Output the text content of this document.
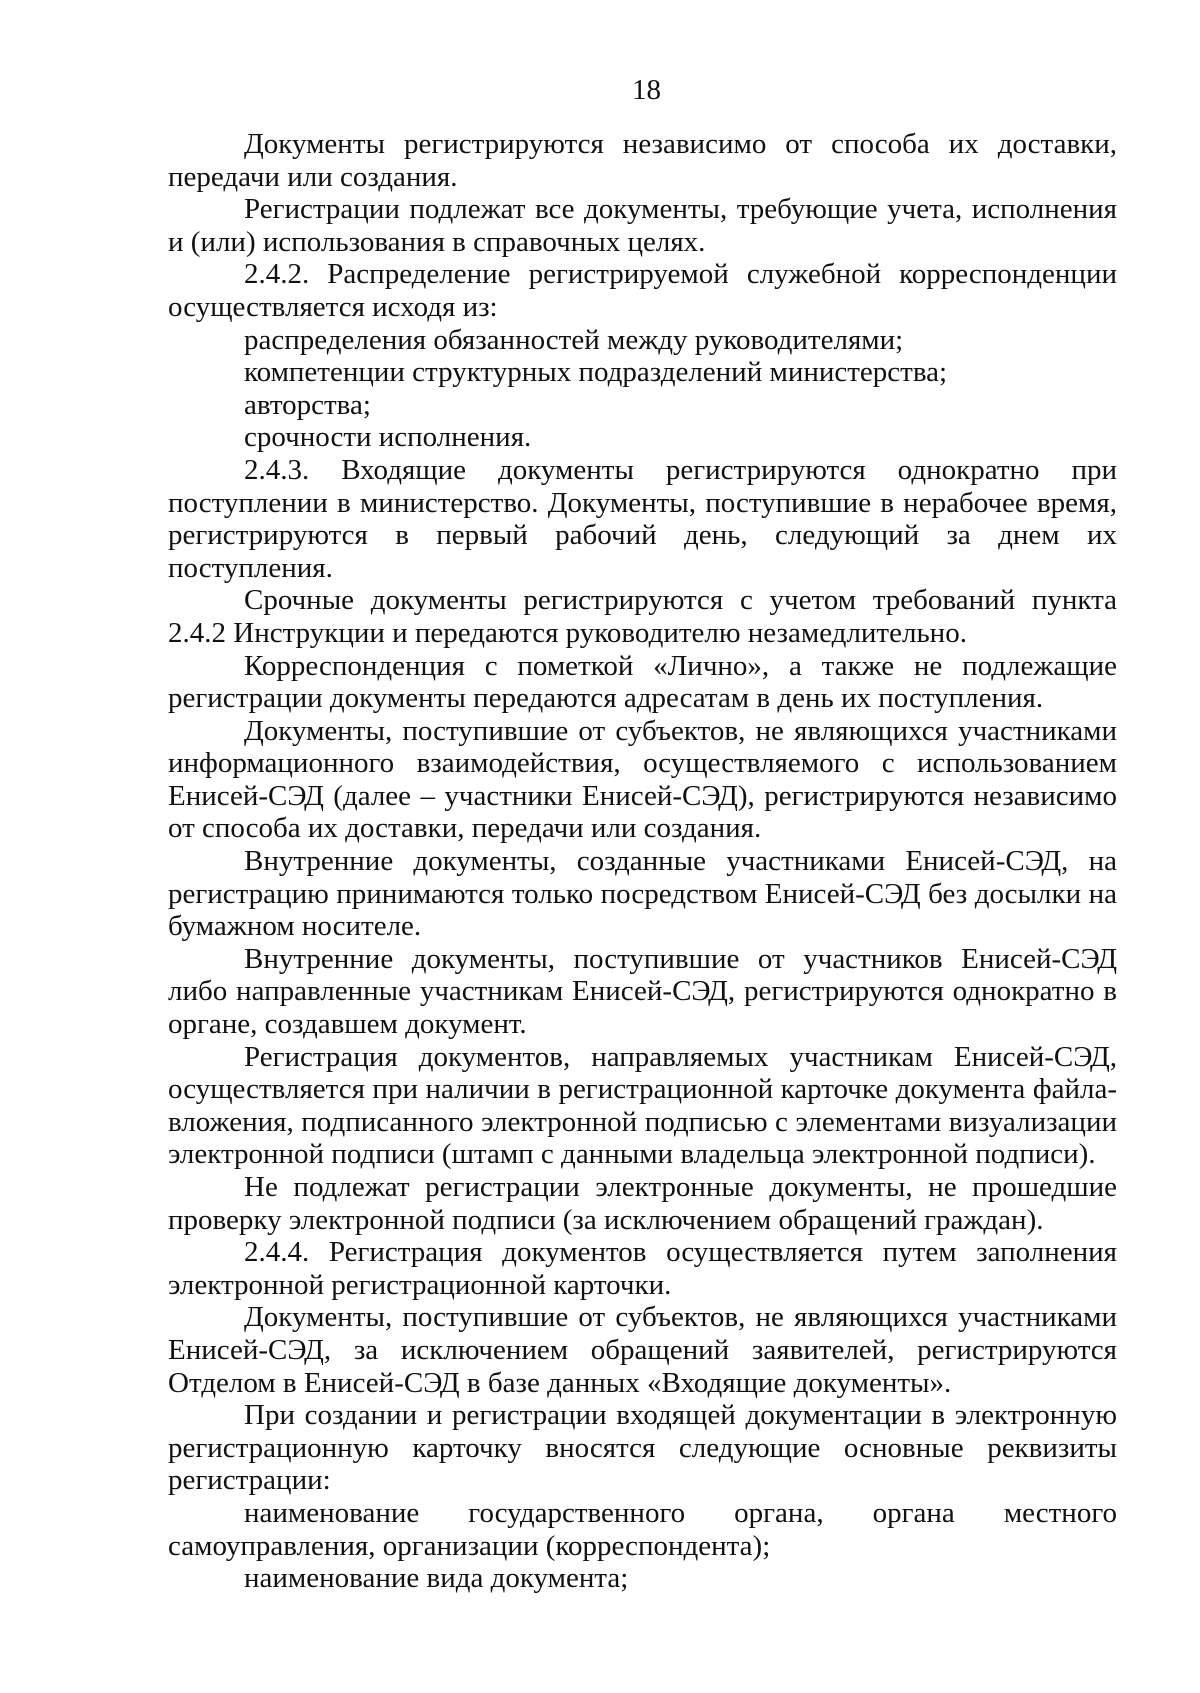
18

Документы регистрируются независимо от способа их доставки, передачи или создания.

Регистрации подлежат все документы, требующие учета, исполнения и (или) использования в справочных целях.

2.4.2. Распределение регистрируемой служебной корреспонденции осуществляется исходя из:

распределения обязанностей между руководителями;

компетенции структурных подразделений министерства;

авторства;

срочности исполнения.

2.4.3. Входящие документы регистрируются однократно при поступлении в министерство. Документы, поступившие в нерабочее время, регистрируются в первый рабочий день, следующий за днем их поступления.

Срочные документы регистрируются с учетом требований пункта 2.4.2 Инструкции и передаются руководителю незамедлительно.

Корреспонденция с пометкой «Лично», а также не подлежащие регистрации документы передаются адресатам в день их поступления.

Документы, поступившие от субъектов, не являющихся участниками информационного взаимодействия, осуществляемого с использованием Енисей-СЭД (далее – участники Енисей-СЭД), регистрируются независимо от способа их доставки, передачи или создания.

Внутренние документы, созданные участниками Енисей-СЭД, на регистрацию принимаются только посредством Енисей-СЭД без досылки на бумажном носителе.

Внутренние документы, поступившие от участников Енисей-СЭД либо направленные участникам Енисей-СЭД, регистрируются однократно в органе, создавшем документ.

Регистрация документов, направляемых участникам Енисей-СЭД, осуществляется при наличии в регистрационной карточке документа файла-вложения, подписанного электронной подписью с элементами визуализации электронной подписи (штамп с данными владельца электронной подписи).

Не подлежат регистрации электронные документы, не прошедшие проверку электронной подписи (за исключением обращений граждан).

2.4.4. Регистрация документов осуществляется путем заполнения электронной регистрационной карточки.

Документы, поступившие от субъектов, не являющихся участниками Енисей-СЭД, за исключением обращений заявителей, регистрируются Отделом в Енисей-СЭД в базе данных «Входящие документы».

При создании и регистрации входящей документации в электронную регистрационную карточку вносятся следующие основные реквизиты регистрации:

наименование государственного органа, органа местного самоуправления, организации (корреспондента);

наименование вида документа;
